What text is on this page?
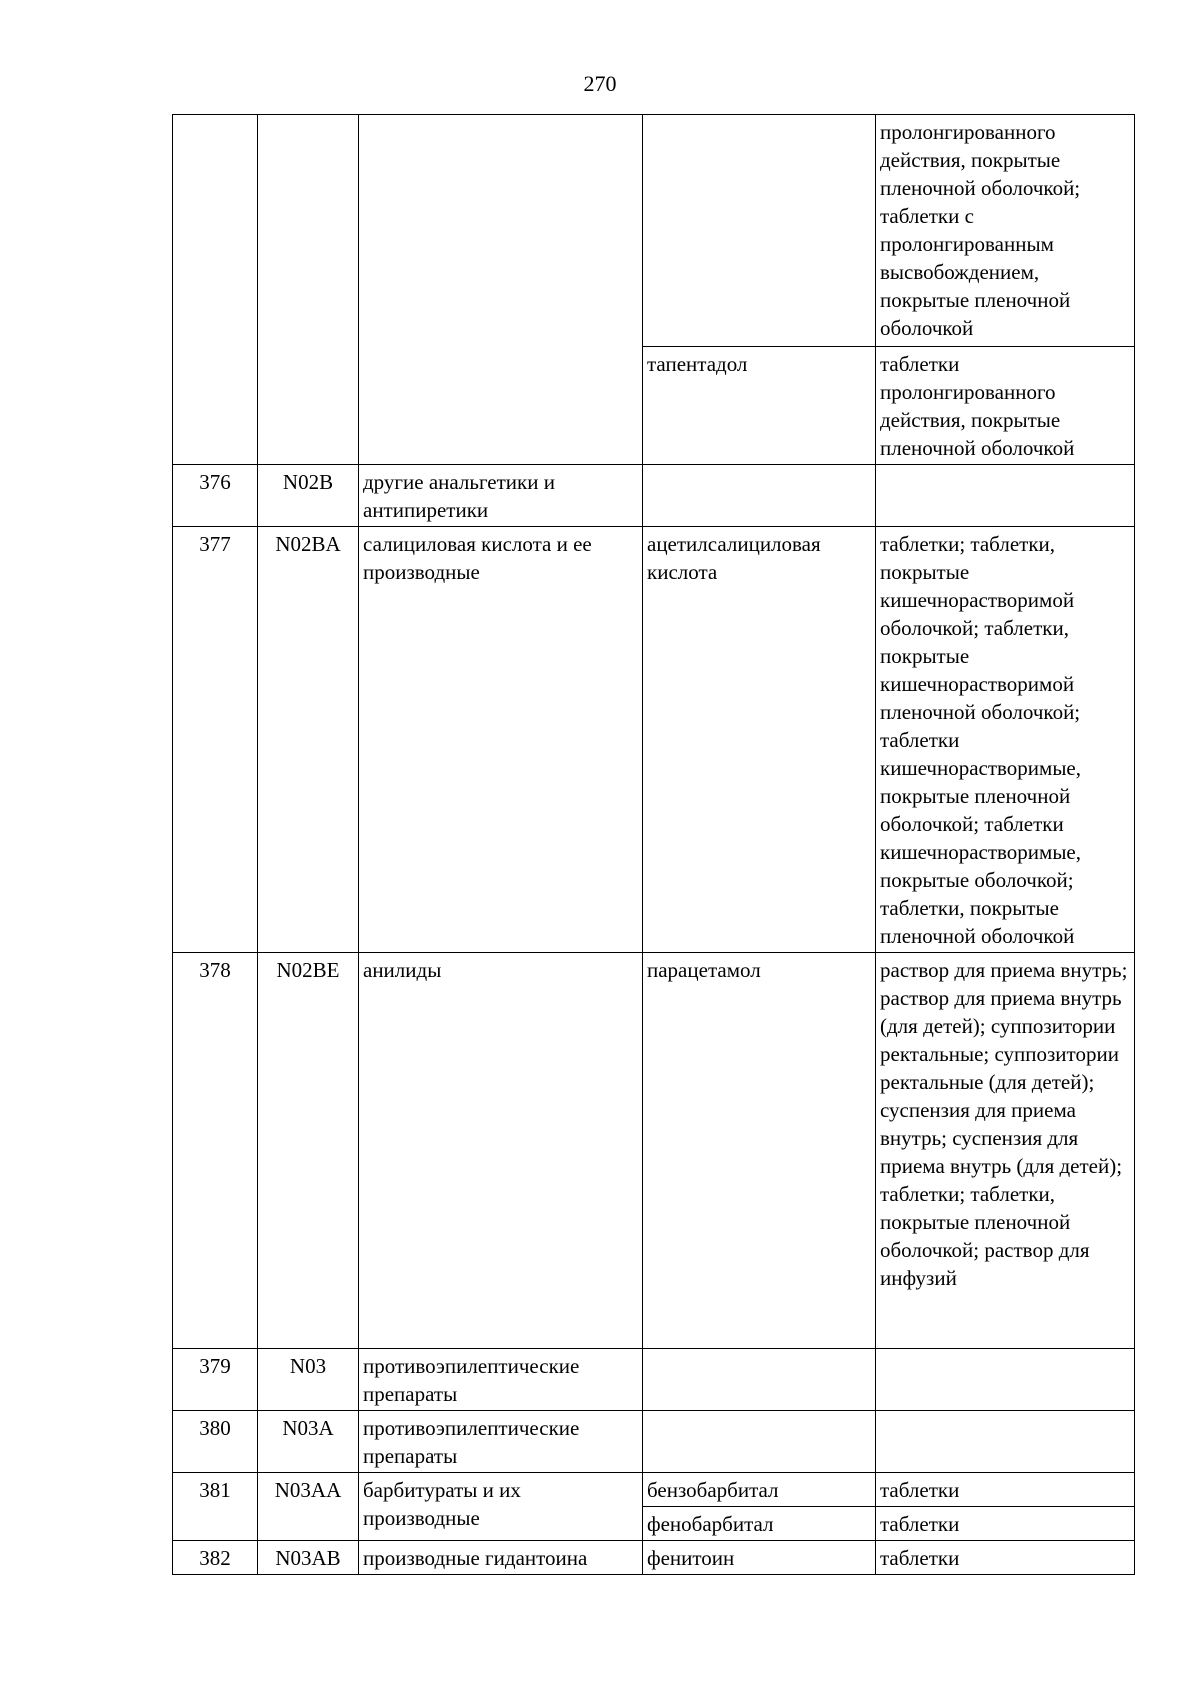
270
				пролонгированного действия, покрытые пленочной оболочкой; таблетки с пролонгированным высвобождением, покрытые пленочной оболочкой
			тапентадол	таблетки пролонгированного действия, покрытые пленочной оболочкой
376	N02B	другие анальгетики и антипиретики		
377	N02BA	салициловая кислота и ее производные	ацетилсалициловая кислота	таблетки; таблетки, покрытые кишечнорастворимой оболочкой; таблетки, покрытые кишечнорастворимой пленочной оболочкой; таблетки кишечнорастворимые, покрытые пленочной оболочкой; таблетки кишечнорастворимые, покрытые оболочкой; таблетки, покрытые пленочной оболочкой
378	N02BE	анилиды	парацетамол	раствор для приема внутрь; раствор для приема внутрь (для детей); суппозитории ректальные; суппозитории ректальные (для детей); суспензия для приема внутрь; суспензия для приема внутрь (для детей); таблетки; таблетки, покрытые пленочной оболочкой; раствор для инфузий
379	N03	противоэпилептические препараты		
380	N03A	противоэпилептические препараты		
381	N03AA	барбитураты и их производные	бензобарбитал	таблетки
			фенобарбитал	таблетки
382	N03AB	производные гидантоина	фенитоин	таблетки
